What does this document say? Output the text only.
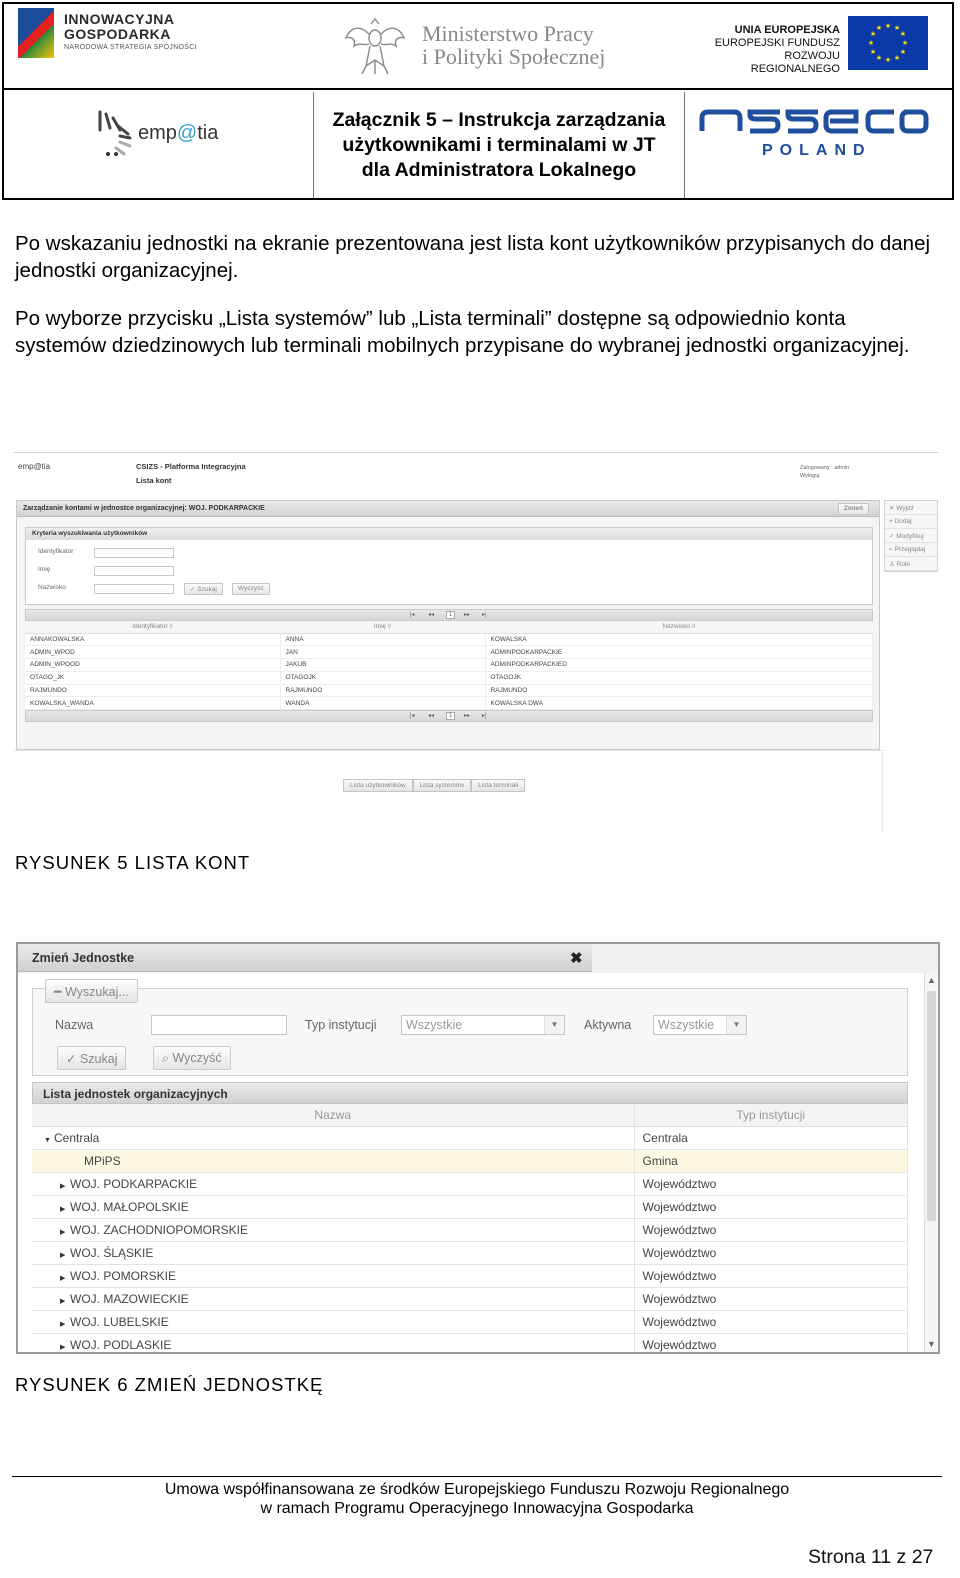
INNOWACYJNA
GOSPODARKA
NARODOWA STRATEGIA SPÓJNOŚCI
Ministerstwo Pracy
i Polityki Społecznej
UNIA EUROPEJSKA
EUROPEJSKI FUNDUSZ
ROZWOJU REGIONALNEGO
★ ★
★
★
★
★
★
★
★
★
★
★
emp@tia
Załącznik 5 – Instrukcja zarządzania
użytkownikami i terminalami w JT
dla Administratora Lokalnego
POLAND
Po wskazaniu jednostki na ekranie prezentowana jest lista kont użytkowników przypisanych do danej jednostki organizacyjnej.
Po wyborze przycisku „Lista systemów” lub „Lista terminali” dostępne są odpowiednio konta systemów dziedzinowych lub terminali mobilnych przypisane do wybranej jednostki organizacyjnej.
emp@tia	CSIZS - Platforma Integracyjna
Lista kont
Zalogowany : admin
Wyloguj
Zarządzanie kontami w jednostce organizacyjnej: WOJ. PODKARPACKIE	Zmień
Kryteria wyszukiwania użytkowników
Identyfikator
Imię
Nazwisko	✓ Szukaj	Wyczyść
|◂ ◂◂	1	▸▸ ▸|
Identyfikator ◊	Imię ◊	Nazwisko ◊
ANNAKOWALSKA	ANNA	KOWALSKA
ADMIN_WPOD	JAN	ADMINPODKARPACKIE
ADMIN_WPOOD	JAKUB	ADMINPODKARPACKIED
OTAGO_JK	OTAGOJK	OTAGOJK
RAJMUNDO	RAJMUNDO	RAJMUNDO
KOWALSKA_WANDA	WANDA	KOWALSKA DWA
|◂ ◂◂	1	▸▸ ▸|
Lista użytkowników	Lista systemów	Lista terminali
✕ Wyjdź
+ Dodaj
✓ Modyfikuj
⌕ Przeglądaj
♙ Role
RYSUNEK 5 LISTA KONT
Zmień Jednostke	✖
━ Wyszukaj...
Nazwa	Typ instytucji	Wszystkie	▼	Aktywna	Wszystkie	▼
✓ Szukaj	⌕ Wyczyść
Lista jednostek organizacyjnych
Nazwa	Typ instytucji
▼ Centrala	Centrala
MPiPS	Gmina
▶ WOJ. PODKARPACKIE	Województwo
▶ WOJ. MAŁOPOLSKIE	Województwo
▶ WOJ. ZACHODNIOPOMORSKIE	Województwo
▶ WOJ. ŚLĄSKIE	Województwo
▶ WOJ. POMORSKIE	Województwo
▶ WOJ. MAZOWIECKIE	Województwo
▶ WOJ. LUBELSKIE	Województwo
▶ WOJ. PODLASKIE	Województwo
▲
▼
RYSUNEK 6 ZMIEŃ JEDNOSTKĘ
Umowa współfinansowana ze środków Europejskiego Funduszu Rozwoju Regionalnego
w ramach Programu Operacyjnego Innowacyjna Gospodarka
Strona 11 z 27
